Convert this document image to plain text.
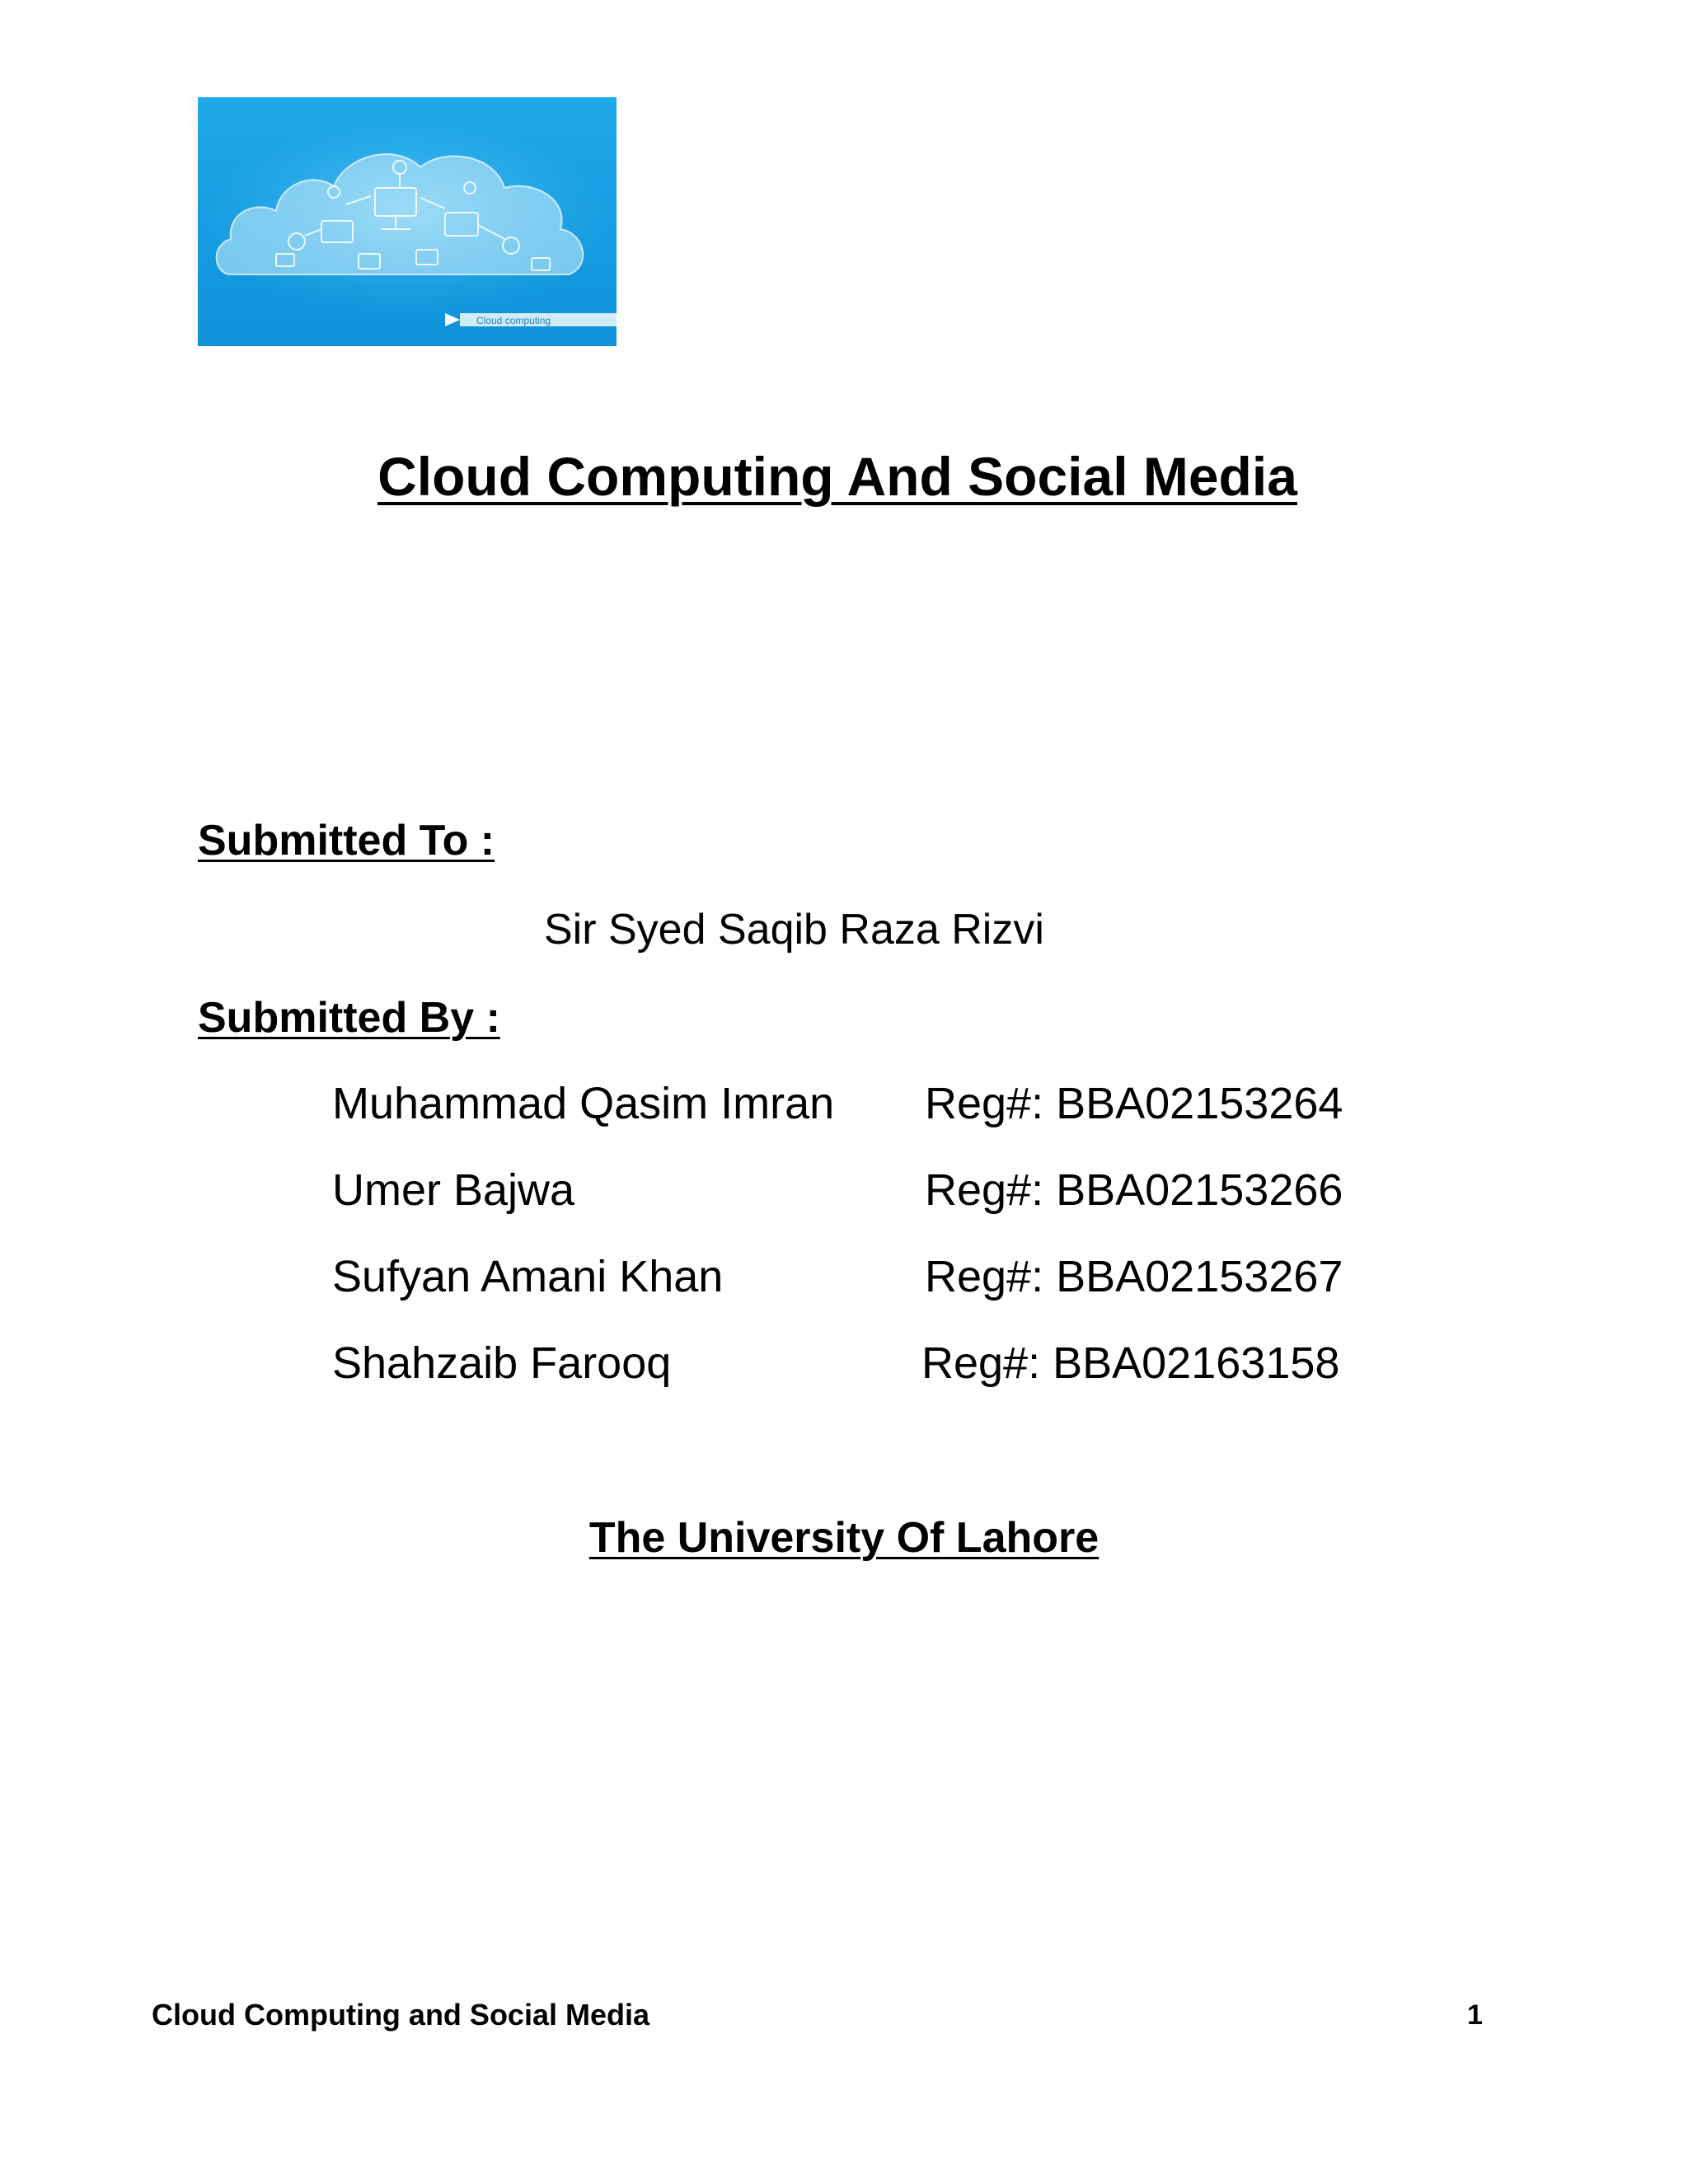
Cloud computing
Cloud Computing And Social Media
Submitted To :
Sir Syed Saqib Raza Rizvi
Submitted By :
Muhammad Qasim Imran Reg#: BBA02153264
Umer Bajwa	Reg#: BBA02153266
Sufyan Amani Khan	Reg#: BBA02153267
Shahzaib Farooq	Reg#: BBA02163158
The University Of Lahore
Cloud Computing and Social Media	1
